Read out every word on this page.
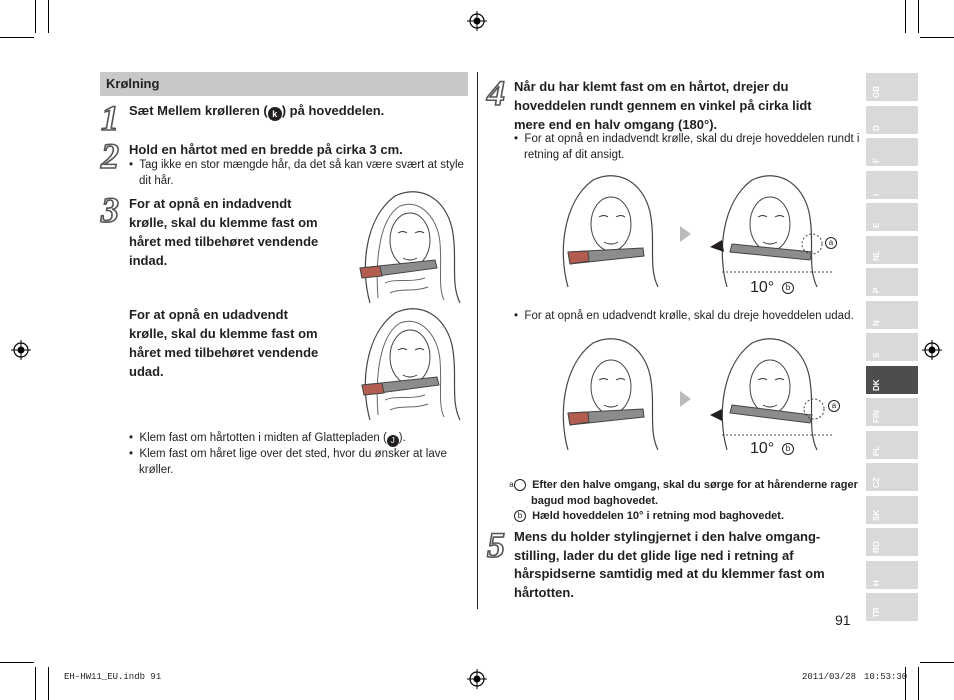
Krølning
1 Sæt Mellem krølleren ( k ) på hoveddelen.
2 Hold en hårtot med en bredde på cirka 3 cm.
•  Tag ikke en stor mængde hår, da det så kan være svært at style dit hår.
3 For at opnå en indadvendt krølle, skal du klemme fast om håret med tilbehøret vendende indad.
For at opnå en udadvendt krølle, skal du klemme fast om håret med tilbehøret vendende udad.
•  Klem fast om hårtotten i midten af Glattepladen ( J ).
•  Klem fast om håret lige over det sted, hvor du ønsker at lave krøller.
4 Når du har klemt fast om en hårtot, drejer du hoveddelen rundt gennem en vinkel på cirka lidt mere end en halv omgang (180°).
•  For at opnå en indadvendt krølle, skal du dreje hoveddelen rundt i retning af dit ansigt.
a
10°	b
•  For at opnå en udadvendt krølle, skal du dreje hoveddelen udad.
a
10°	b
a Efter den halve omgang, skal du sørge for at hårenderne rager bagud mod baghovedet.
b Hæld hoveddelen 10° i retning mod baghovedet.
5 Mens du holder stylingjernet i den halve omgang-stilling, lader du det glide lige ned i retning af hårspidserne samtidig med at du klemmer fast om hårtotten.
GB
D
F
I
E
NL
P
N
S
DK
FIN
PL
CZ
SK
RO
H
TR
91
EH-HW11_EU.indb 91	2011/03/28 10:53:30
